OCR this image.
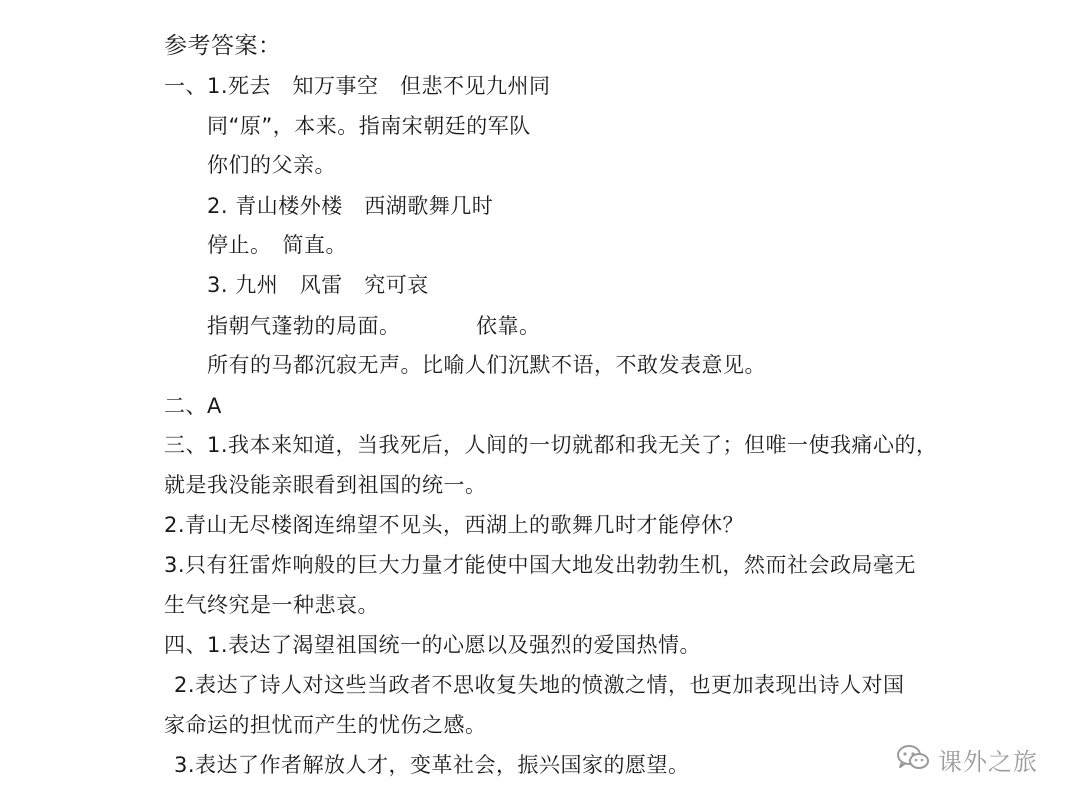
参考答案：
一、1.死去　知万事空　但悲不见九州同
同“原”，本来。指南宋朝廷的军队
你们的父亲。
2. 青山楼外楼　西湖歌舞几时
停止。　简直。
3. 九州　风雷　究可哀
指朝气蓬勃的局面。　　　　依靠。
所有的马都沉寂无声。比喻人们沉默不语，不敢发表意见。
二、A
三、1.我本来知道，当我死后，人间的一切就都和我无关了；但唯一使我痛心的，
就是我没能亲眼看到祖国的统一。
2.青山无尽楼阁连绵望不见头，西湖上的歌舞几时才能停休？
3.只有狂雷炸响般的巨大力量才能使中国大地发出勃勃生机，然而社会政局毫无
生气终究是一种悲哀。
四、1.表达了渴望祖国统一的心愿以及强烈的爱国热情。
2.表达了诗人对这些当政者不思收复失地的愤激之情，也更加表现出诗人对国
家命运的担忧而产生的忧伤之感。
3.表达了作者解放人才，变革社会，振兴国家的愿望。	课外之旅
